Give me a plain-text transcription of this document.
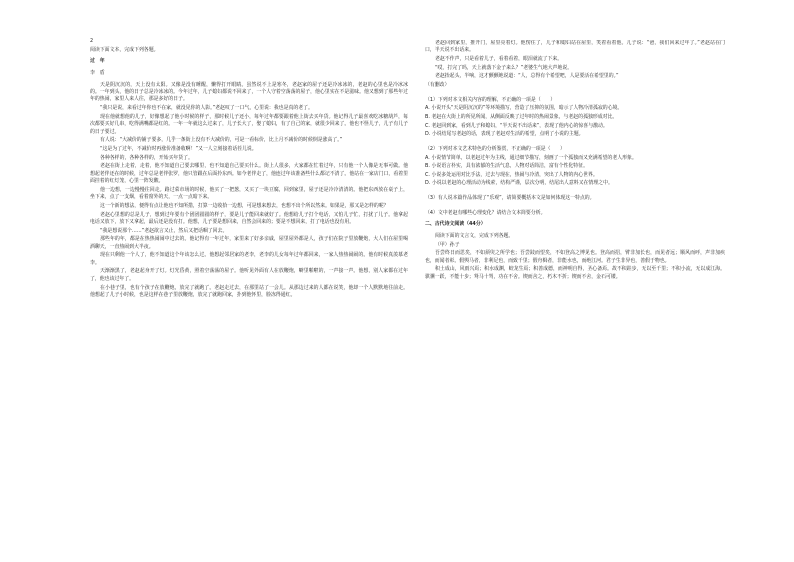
2

阅读下面文本，完成下列各题。

过　年

李　盾

天是阴沉沉的，天上没有太阳。又像是没有睡醒，懒得打开眼睛。虽然说不上是寒冬，老赵家的屋子还是冷冰冰的，老赵的心里也是冷冰冰的。一年到头，他的日子总是冷冰冰的。今年过年，儿子媳妇都说不回来了，一个人守着空荡荡的屋子，他心里实在不是滋味。他又想到了那些年过年的热闹，家里人来人往，那是多好的日子。

“我只是说，来看过年你也不在家，就没见你的人影。”老赵叹了一口气，心里说：我也是真的老了。

现在他就想他的儿子，好像想起了他小时候的样子，那时候儿子还小，每年过年都要跟着他上街去买年货。他记得儿子最喜欢吃冰糖葫芦，每次都要买好几串，吃得满嘴都是红的。一年一年就这么过来了，儿子长大了，娶了媳妇，有了自己的家，就很少回来了。他也不怪儿子，儿子有儿子的日子要过。

有人说：“大减价的铺子要多，几乎一条街上没有不大减价的，可是一看标价，比上月不减价的时候倒是涨高了。”

“这是为了过年，不减价时再涨价准备收啊！”又一人立刻接着话茬儿说。

各种各样的，各种各样的，开始买年货了。

老赵在街上走着，走着，他不知道自己要去哪里，也不知道自己要买什么。街上人很多，大家都在忙着过年，只有他一个人像是无事可做。他想起老伴还在的时候，过年总是老伴张罗，他只管跟在后面拎东西。如今老伴走了，他连过年该准备些什么都记不清了。他站在一家店门口，看着里面挂着的红灯笼，心里一阵发酸。

他一边想，一边慢慢往回走。路过菜市场的时候，他买了一把葱，又买了一块豆腐，回到家里，屋子还是冷冷清清的。他把东西放在桌子上，坐下来，点了一支烟，看着窗外的天，一点一点暗下来。

这一个新的想法，便得有点让他也不知所措，打算一边收拾一边想，可是想来想去，也想不出个所以然来。如果是，那又是怎样的呢？

老赵心里想的总是儿子，想到过年要有个团团圆圆的样子，要是儿子能回来就好了。他想给儿子打个电话，又怕儿子忙，打扰了儿子。他拿起电话又放下，放下又拿起，最后还是没有打。他想，儿子要是想回来，自然会回来的；要是不想回来，打了电话也没有用。

“我是想说那个……”老赵欲言又止，然后又把话咽了回去。

那些年的年，都是在热热闹闹中过去的。他记得有一年过年，家里来了好多亲戚，屋里屋外都是人，孩子们在院子里放鞭炮，大人们在屋里喝酒聊天，一直热闹到大半夜。

现在只剩他一个人了，他不知道这个年该怎么过。他想起邻居家的老李，老李的儿女每年过年都回来，一家人热热闹闹的。他有时候真羡慕老李。

天渐渐黑了，老赵起身开了灯。灯光昏黄，照着空荡荡的屋子。他听见外面有人在放鞭炮，噼里啪啦的，一声接一声。他想，别人家都在过年了，他也该过年了。

在小巷子里，也有个孩子在放鞭炮，放完了就跑了。老赵走过去，在那里站了一会儿。从那边过来的人都在说笑，他却一个人默默地往前走。他想起了儿子小时候，也是这样在巷子里放鞭炮，放完了就跑回家，扑到他怀里，脸冻得通红。

老赵回到家里，推开门，屋里亮着灯。他愣住了，儿子和媳妇站在屋里，笑着看着他。儿子说：“爸，我们回来过年了。”老赵站在门口，半天说不出话来。

老赵不作声，只是看着儿子，看着看着，眼泪就流了下来。

“哎，打完了吗，天上就落下金子来么？”老婆生气地大声地说。

老赵抬起头，半响，这才颤颤地说道：“人，总得有个希望吧，人是要活在希望里的。”

（有删改）

（1）下列对本文相关内容的理解，不正确的一项是（　　）

A. 小说开头“天是阴沉沉的”等环境描写，营造了压抑的氛围，暗示了人物冷清孤寂的心境。

B. 老赵在大街上的所见所闻，从侧面反映了过年时的热闹景象，与老赵的孤独形成对比。

C. 老赵回到家，看到儿子和媳妇，“半天说不出话来”，表现了他内心的惊喜与激动。

D. 小说结尾写老赵的话，表现了老赵对生活的希望，点明了小说的主题。

（2）下列对本文艺术特色的分析鉴赏，不正确的一项是（　　）

A. 小说情节简单，以老赵过年为主线，通过细节描写，刻画了一个孤独而又充满希望的老人形象。

B. 小说语言朴实，具有浓郁的生活气息，人物对话简洁，富有个性化特征。

C. 小说多处运用对比手法，过去与现在，热闹与冷清，突出了人物的内心世界。

D. 小说以老赵的心理活动为线索，结构严谨，层次分明，结尾出人意料又在情理之中。

（3）有人说本篇作品体现了“乐观”，请简要概括本文是如何体现这一特点的。

（4）文中老赵有哪些心理变化？请结合文本简要分析。

二、古代诗文阅读（44分）

阅读下面的文言文，完成下列各题。

（甲）孙子

吾尝终日而思矣，不如须臾之所学也；吾尝跂而望矣，不如登高之博见也。登高而招，臂非加长也，而见者远；顺风而呼，声非加疾也，而闻者彰。假舆马者，非利足也，而致千里；假舟楫者，非能水也，而绝江河。君子生非异也，善假于物也。

积土成山，风雨兴焉；积水成渊，蛟龙生焉；积善成德，而神明自得，圣心备焉。故不积跬步，无以至千里；不积小流，无以成江海。骐骥一跃，不能十步；驽马十驾，功在不舍。锲而舍之，朽木不折；锲而不舍，金石可镂。
